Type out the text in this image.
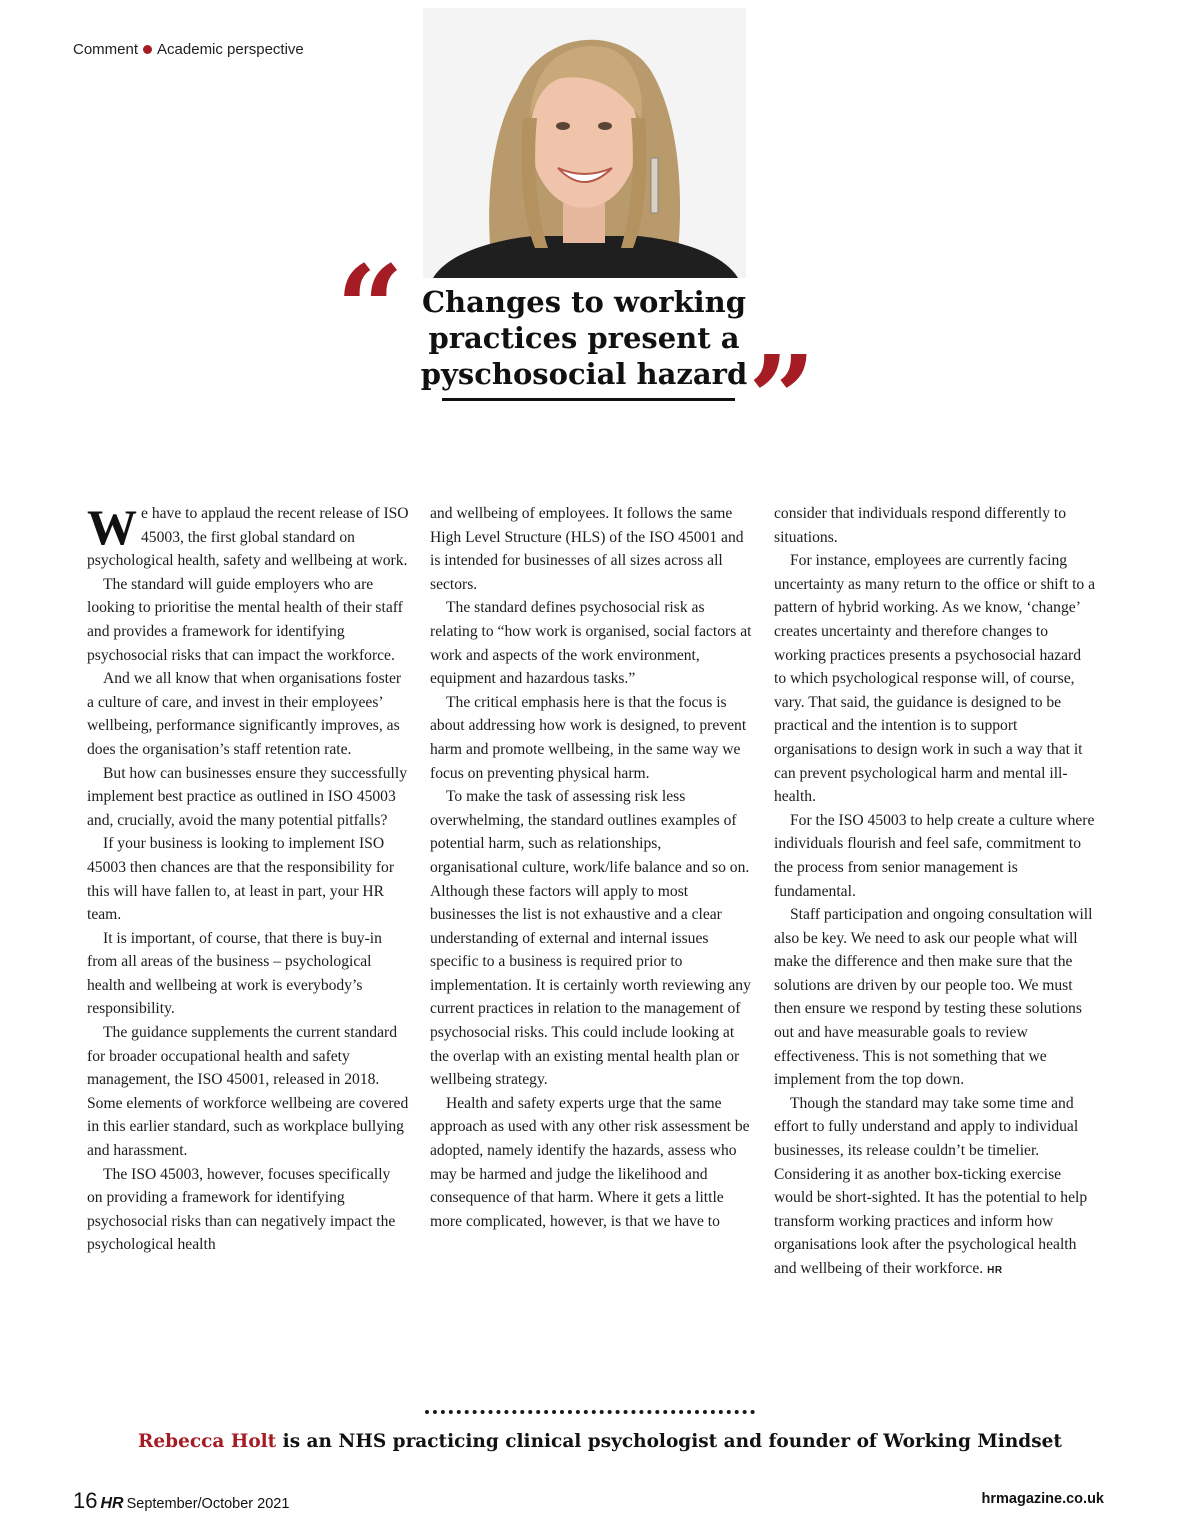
Comment Academic perspective
“ Changes to working practices present a pyschosocial hazard ”

We have to applaud the recent release of ISO 45003, the first global standard on psychological health, safety and wellbeing at work.

The standard will guide employers who are looking to prioritise the mental health of their staff and provides a framework for identifying psychosocial risks that can impact the workforce.

And we all know that when organisations foster a culture of care, and invest in their employees’ wellbeing, performance significantly improves, as does the organisation’s staff retention rate.

But how can businesses ensure they successfully implement best practice as outlined in ISO 45003 and, crucially, avoid the many potential pitfalls?

If your business is looking to implement ISO 45003 then chances are that the responsibility for this will have fallen to, at least in part, your HR team.

It is important, of course, that there is buy-in from all areas of the business – psychological health and wellbeing at work is everybody’s responsibility.

The guidance supplements the current standard for broader occupational health and safety management, the ISO 45001, released in 2018. Some elements of workforce wellbeing are covered in this earlier standard, such as workplace bullying and harassment.

The ISO 45003, however, focuses specifically on providing a framework for identifying psychosocial risks than can negatively impact the psychological health

and wellbeing of employees. It follows the same High Level Structure (HLS) of the ISO 45001 and is intended for businesses of all sizes across all sectors.

The standard defines psychosocial risk as relating to “how work is organised, social factors at work and aspects of the work environment, equipment and hazardous tasks.”

The critical emphasis here is that the focus is about addressing how work is designed, to prevent harm and promote wellbeing, in the same way we focus on preventing physical harm.

To make the task of assessing risk less overwhelming, the standard outlines examples of potential harm, such as relationships, organisational culture, work/life balance and so on. Although these factors will apply to most businesses the list is not exhaustive and a clear understanding of external and internal issues specific to a business is required prior to implementation. It is certainly worth reviewing any current practices in relation to the management of psychosocial risks. This could include looking at the overlap with an existing mental health plan or wellbeing strategy.

Health and safety experts urge that the same approach as used with any other risk assessment be adopted, namely identify the hazards, assess who may be harmed and judge the likelihood and consequence of that harm. Where it gets a little more complicated, however, is that we have to

consider that individuals respond differently to situations.

For instance, employees are currently facing uncertainty as many return to the office or shift to a pattern of hybrid working. As we know, ‘change’ creates uncertainty and therefore changes to working practices presents a psychosocial hazard to which psychological response will, of course, vary. That said, the guidance is designed to be practical and the intention is to support organisations to design work in such a way that it can prevent psychological harm and mental ill-health.

For the ISO 45003 to help create a culture where individuals flourish and feel safe, commitment to the process from senior management is fundamental.

Staff participation and ongoing consultation will also be key. We need to ask our people what will make the difference and then make sure that the solutions are driven by our people too. We must then ensure we respond by testing these solutions out and have measurable goals to review effectiveness. This is not something that we implement from the top down.

Though the standard may take some time and effort to fully understand and apply to individual businesses, its release couldn’t be timelier. Considering it as another box-ticking exercise would be short-sighted. It has the potential to help transform working practices and inform how organisations look after the psychological health and wellbeing of their workforce. HR

Rebecca Holt is an NHS practicing clinical psychologist and founder of Working Mindset
16 HR September/October 2021	hrmagazine.co.uk
